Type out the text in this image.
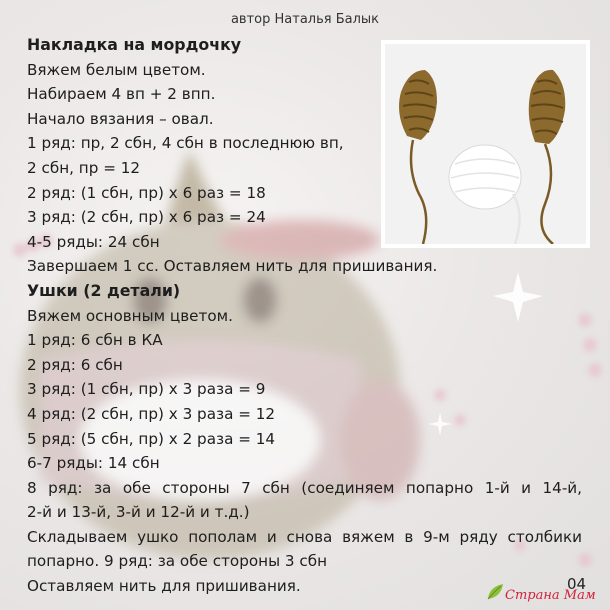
автор Наталья Балык
Накладка на мордочку
Вяжем белым цветом.
Набираем 4 вп + 2 впп.
Начало вязания – овал.
1 ряд: пр, 2 сбн, 4 сбн в последнюю вп,
2 сбн, пр = 12
2 ряд: (1 сбн, пр) х 6 раз = 18
3 ряд: (2 сбн, пр) х 6 раз = 24
4-5 ряды: 24 сбн
Завершаем 1 сс. Оставляем нить для пришивания.
Ушки (2 детали)
Вяжем основным цветом.
1 ряд: 6 сбн в КА
2 ряд: 6 сбн
3 ряд: (1 сбн, пр) х 3 раза = 9
4 ряд: (2 сбн, пр) х 3 раза = 12
5 ряд: (5 сбн, пр) х 2 раза = 14
6-7 ряды: 14 сбн
8 ряд: за обе стороны 7 сбн (соединяем попарно 1-й и 14-й,
2-й и 13-й, 3-й и 12-й и т.д.)
Складываем ушко пополам и снова вяжем в 9-м ряду столбики
попарно. 9 ряд: за обе стороны 3 сбн
Оставляем нить для пришивания.	04
Страна Мам
